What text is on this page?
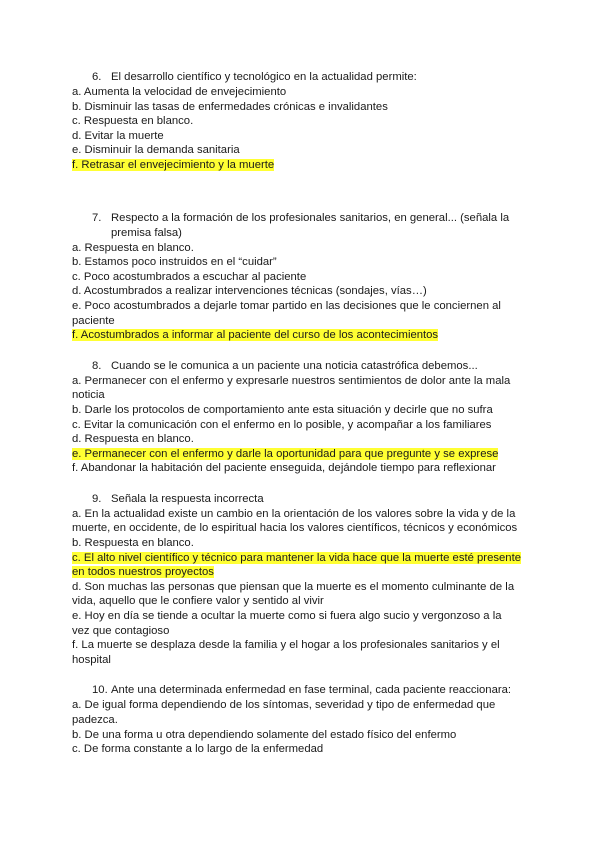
6. El desarrollo científico y tecnológico en la actualidad permite:
a. Aumenta la velocidad de envejecimiento
b. Disminuir las tasas de enfermedades crónicas e invalidantes
c. Respuesta en blanco.
d. Evitar la muerte
e. Disminuir la demanda sanitaria
f. Retrasar el envejecimiento y la muerte
7. Respecto a la formación de los profesionales sanitarios, en general... (señala la premisa falsa)
a. Respuesta en blanco.
b. Estamos poco instruidos en el “cuidar”
c. Poco acostumbrados a escuchar al paciente
d. Acostumbrados a realizar intervenciones técnicas (sondajes, vías…)
e. Poco acostumbrados a dejarle tomar partido en las decisiones que le conciernen al paciente
f. Acostumbrados a informar al paciente del curso de los acontecimientos
8. Cuando se le comunica a un paciente una noticia catastrófica debemos...
a. Permanecer con el enfermo y expresarle nuestros sentimientos de dolor ante la mala noticia
b. Darle los protocolos de comportamiento ante esta situación y decirle que no sufra
c. Evitar la comunicación con el enfermo en lo posible, y acompañar a los familiares
d. Respuesta en blanco.
e. Permanecer con el enfermo y darle la oportunidad para que pregunte y se exprese
f. Abandonar la habitación del paciente enseguida, dejándole tiempo para reflexionar
9. Señala la respuesta incorrecta
a. En la actualidad existe un cambio en la orientación de los valores sobre la vida y de la muerte, en occidente, de lo espiritual hacia los valores científicos, técnicos y económicos
b. Respuesta en blanco.
c. El alto nivel científico y técnico para mantener la vida hace que la muerte esté presente en todos nuestros proyectos
d. Son muchas las personas que piensan que la muerte es el momento culminante de la vida, aquello que le confiere valor y sentido al vivir
e. Hoy en día se tiende a ocultar la muerte como si fuera algo sucio y vergonzoso a la vez que contagioso
f. La muerte se desplaza desde la familia y el hogar a los profesionales sanitarios y el hospital
10. Ante una determinada enfermedad en fase terminal, cada paciente reaccionara:
a. De igual forma dependiendo de los síntomas, severidad y tipo de enfermedad que padezca.
b. De una forma u otra dependiendo solamente del estado físico del enfermo
c. De forma constante a lo largo de la enfermedad
